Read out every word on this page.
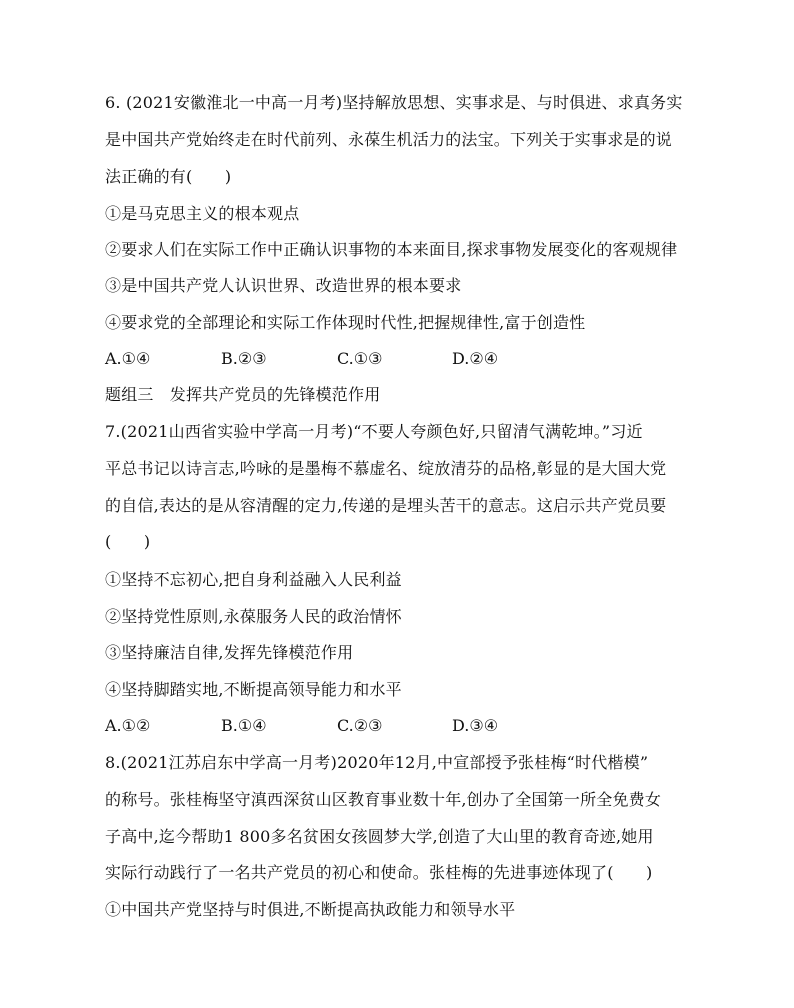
6. (2021安徽淮北一中高一月考)坚持解放思想、实事求是、与时俱进、求真务实
是中国共产党始终走在时代前列、永葆生机活力的法宝。下列关于实事求是的说
法正确的有(　　)
①是马克思主义的根本观点
②要求人们在实际工作中正确认识事物的本来面目,探求事物发展变化的客观规律
③是中国共产党人认识世界、改造世界的根本要求
④要求党的全部理论和实际工作体现时代性,把握规律性,富于创造性
A.①④	B.②③	C.①③	D.②④
题组三　发挥共产党员的先锋模范作用
7.(2021山西省实验中学高一月考)“不要人夸颜色好,只留清气满乾坤。”习近
平总书记以诗言志,吟咏的是墨梅不慕虚名、绽放清芬的品格,彰显的是大国大党
的自信,表达的是从容清醒的定力,传递的是埋头苦干的意志。这启示共产党员要
(　　)
①坚持不忘初心,把自身利益融入人民利益
②坚持党性原则,永葆服务人民的政治情怀
③坚持廉洁自律,发挥先锋模范作用
④坚持脚踏实地,不断提高领导能力和水平
A.①②	B.①④	C.②③	D.③④
8.(2021江苏启东中学高一月考)2020年12月,中宣部授予张桂梅“时代楷模”
的称号。张桂梅坚守滇西深贫山区教育事业数十年,创办了全国第一所全免费女
子高中,迄今帮助1 800多名贫困女孩圆梦大学,创造了大山里的教育奇迹,她用
实际行动践行了一名共产党员的初心和使命。张桂梅的先进事迹体现了(　　)
①中国共产党坚持与时俱进,不断提高执政能力和领导水平
